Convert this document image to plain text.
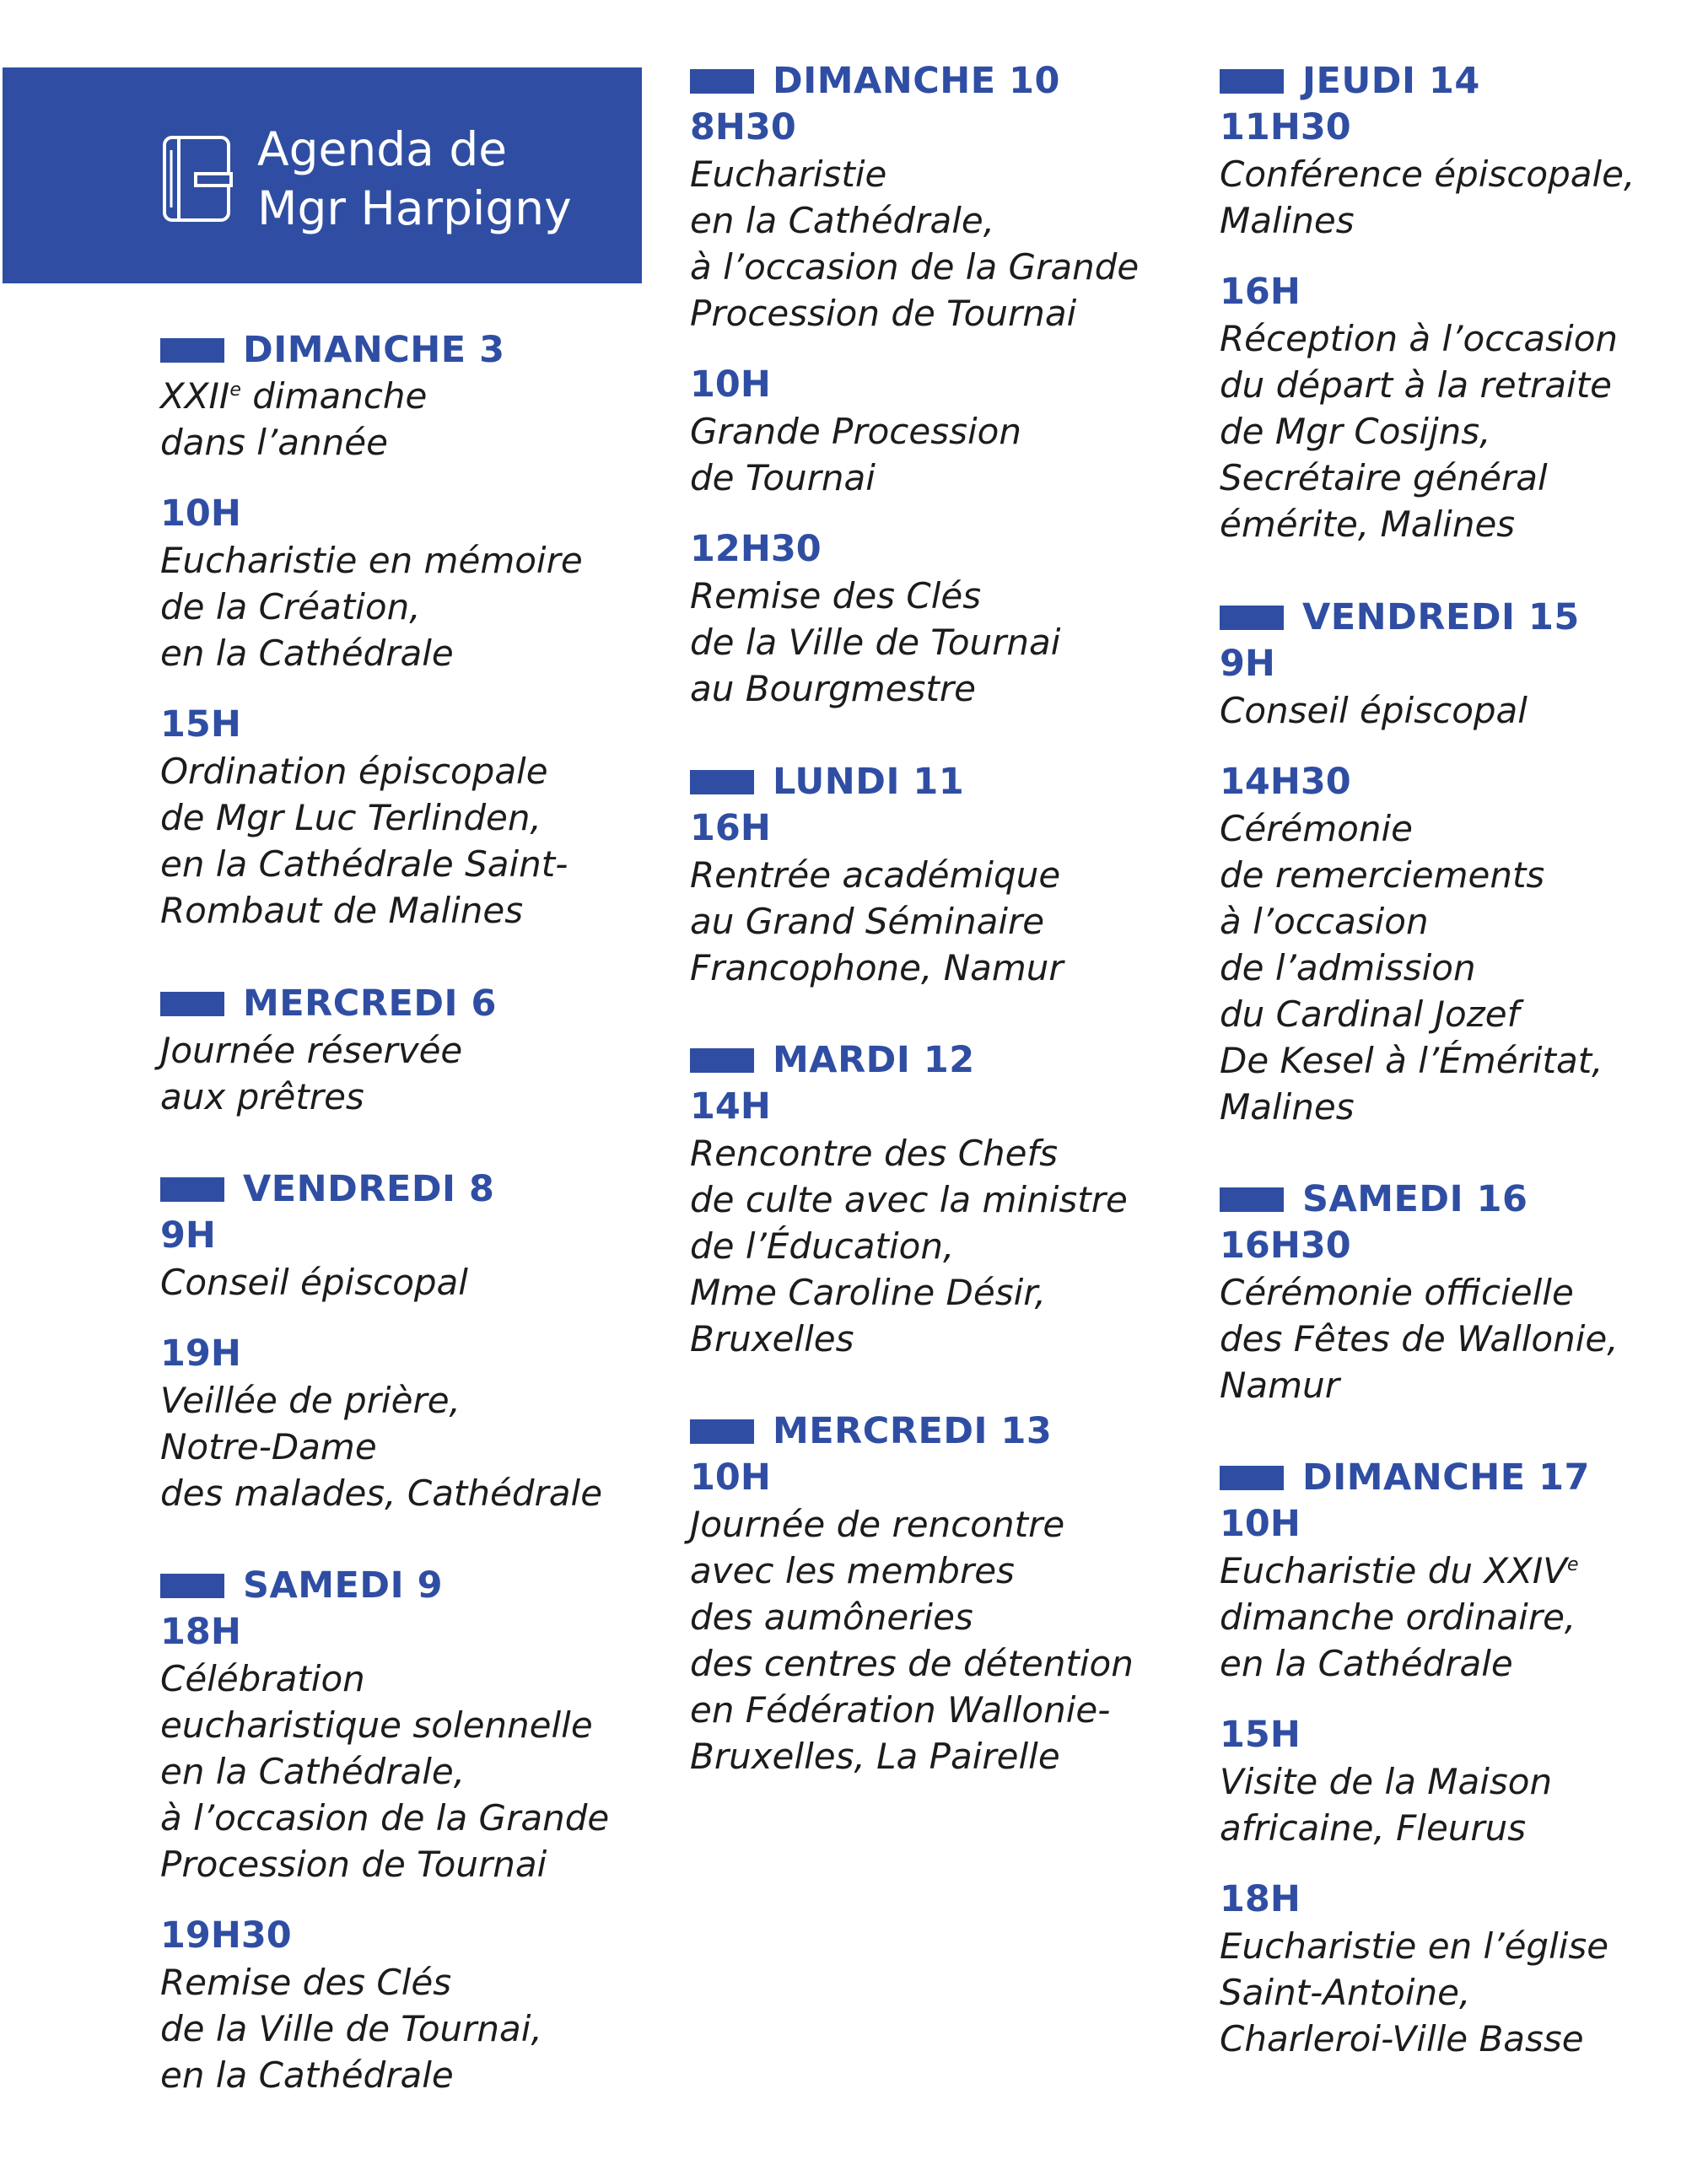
Agenda de
Mgr Harpigny
DIMANCHE 3
XXIIe dimanche
dans l’année
10H
Eucharistie en mémoire
de la Création,
en la Cathédrale
15H
Ordination épiscopale
de Mgr Luc Terlinden,
en la Cathédrale Saint-
Rombaut de Malines
MERCREDI 6
Journée réservée
aux prêtres
VENDREDI 8
9H
Conseil épiscopal
19H
Veillée de prière,
Notre-Dame
des malades, Cathédrale
SAMEDI 9
18H
Célébration
eucharistique solennelle
en la Cathédrale,
à l’occasion de la Grande
Procession de Tournai
19H30
Remise des Clés
de la Ville de Tournai,
en la Cathédrale
DIMANCHE 10
8H30
Eucharistie
en la Cathédrale,
à l’occasion de la Grande
Procession de Tournai
10H
Grande Procession
de Tournai
12H30
Remise des Clés
de la Ville de Tournai
au Bourgmestre
LUNDI 11
16H
Rentrée académique
au Grand Séminaire
Francophone, Namur
MARDI 12
14H
Rencontre des Chefs
de culte avec la ministre
de l’Éducation,
Mme Caroline Désir,
Bruxelles
MERCREDI 13
10H
Journée de rencontre
avec les membres
des aumôneries
des centres de détention
en Fédération Wallonie-
Bruxelles, La Pairelle
JEUDI 14
11H30
Conférence épiscopale,
Malines
16H
Réception à l’occasion
du départ à la retraite
de Mgr Cosijns,
Secrétaire général
émérite, Malines
VENDREDI 15
9H
Conseil épiscopal
14H30
Cérémonie
de remerciements
à l’occasion
de l’admission
du Cardinal Jozef
De Kesel à l’Éméritat,
Malines
SAMEDI 16
16H30
Cérémonie officielle
des Fêtes de Wallonie,
Namur
DIMANCHE 17
10H
Eucharistie du XXIVe
dimanche ordinaire,
en la Cathédrale
15H
Visite de la Maison
africaine, Fleurus
18H
Eucharistie en l’église
Saint-Antoine,
Charleroi-Ville Basse
